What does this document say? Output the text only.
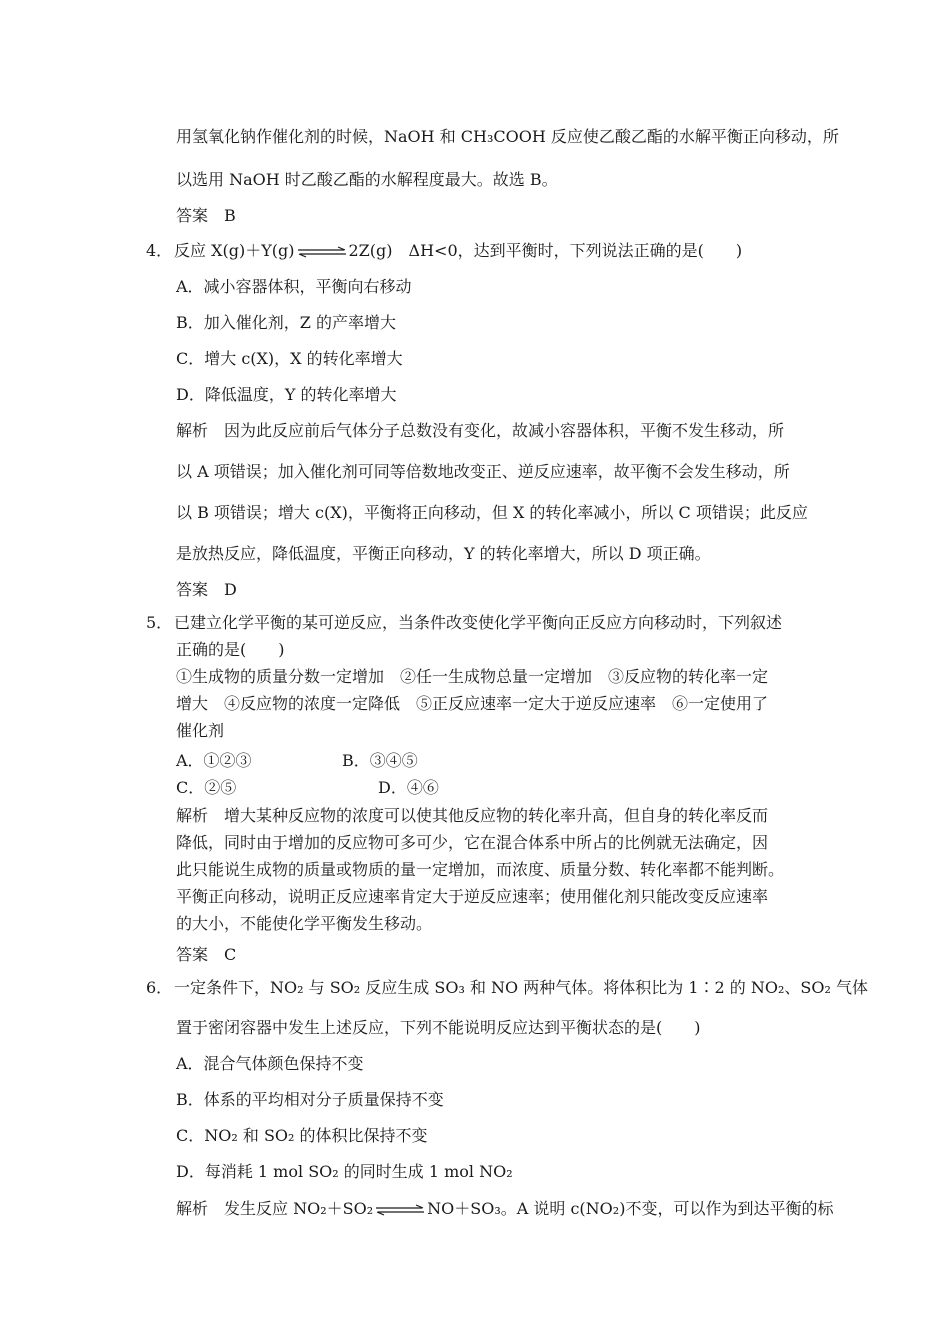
用氢氧化钠作催化剂的时候，NaOH 和 CH₃COOH 反应使乙酸乙酯的水解平衡正向移动，所
以选用 NaOH 时乙酸乙酯的水解程度最大。故选 B。
答案　B
4． 反应 X(g)＋Y(g)⇌2Z(g)　ΔH<0，达到平衡时，下列说法正确的是(　　)
A．减小容器体积，平衡向右移动
B．加入催化剂，Z 的产率增大
C．增大 c(X)，X 的转化率增大
D．降低温度，Y 的转化率增大
解析　因为此反应前后气体分子总数没有变化，故减小容器体积，平衡不发生移动，所
以 A 项错误；加入催化剂可同等倍数地改变正、逆反应速率，故平衡不会发生移动，所
以 B 项错误；增大 c(X)，平衡将正向移动，但 X 的转化率减小，所以 C 项错误；此反应
是放热反应，降低温度，平衡正向移动，Y 的转化率增大，所以 D 项正确。
答案　D
5． 已建立化学平衡的某可逆反应，当条件改变使化学平衡向正反应方向移动时，下列叙述
正确的是(　　)
①生成物的质量分数一定增加　②任一生成物总量一定增加　③反应物的转化率一定
增大　④反应物的浓度一定降低　⑤正反应速率一定大于逆反应速率　⑥一定使用了
催化剂
A．①②③	B．③④⑤
C．②⑤	D．④⑥
解析　增大某种反应物的浓度可以使其他反应物的转化率升高，但自身的转化率反而
降低，同时由于增加的反应物可多可少，它在混合体系中所占的比例就无法确定，因
此只能说生成物的质量或物质的量一定增加，而浓度、质量分数、转化率都不能判断。
平衡正向移动，说明正反应速率肯定大于逆反应速率；使用催化剂只能改变反应速率
的大小，不能使化学平衡发生移动。
答案　C
6． 一定条件下，NO₂ 与 SO₂ 反应生成 SO₃ 和 NO 两种气体。将体积比为 1∶2 的 NO₂、SO₂ 气体
置于密闭容器中发生上述反应，下列不能说明反应达到平衡状态的是(　　)
A．混合气体颜色保持不变
B．体系的平均相对分子质量保持不变
C．NO₂ 和 SO₂ 的体积比保持不变
D．每消耗 1 mol SO₂ 的同时生成 1 mol NO₂
解析　发生反应 NO₂＋SO₂⇌NO＋SO₃。A 说明 c(NO₂)不变，可以作为到达平衡的标
